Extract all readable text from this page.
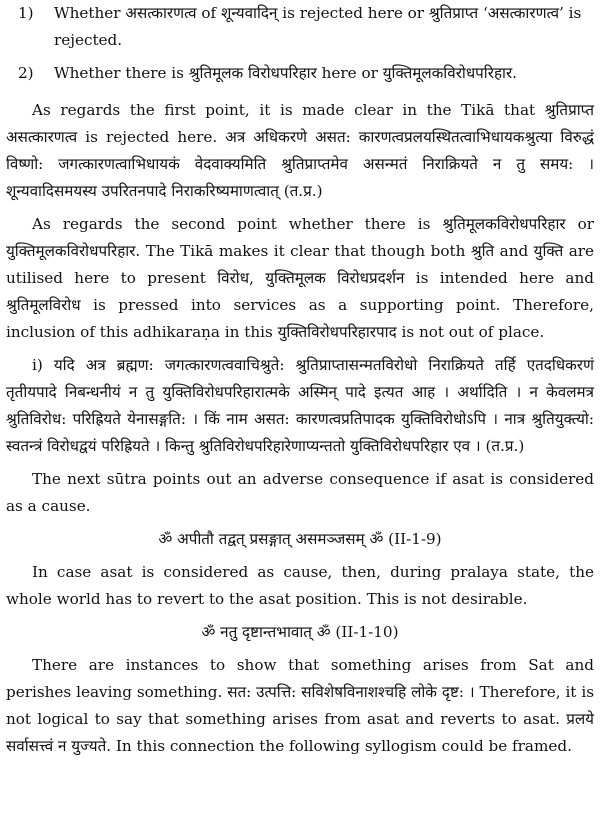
1)	Whether असत्कारणत्व of शून्यवादिन् is rejected here or श्रुतिप्राप्त ‘असत्कारणत्व’ is rejected.
2)	Whether there is श्रुतिमूलक विरोधपरिहार here or युक्तिमूलकविरोधपरिहार.

As regards the first point, it is made clear in the Tikā that श्रुतिप्राप्त असत्कारणत्व is rejected here. अत्र अधिकरणे असत: कारणत्वप्रलयस्थितत्वाभिधायकश्रुत्या विरुद्धं विष्णो: जगत्कारणत्वाभिधायकं वेदवाक्यमिति श्रुतिप्राप्तमेव असन्मतं निराक्रियते न तु समय: । शून्यवादिसमयस्य उपरितनपादे निराकरिष्यमाणत्वात् (त.प्र.)

As regards the second point whether there is श्रुतिमूलकविरोधपरिहार or युक्तिमूलकविरोधपरिहार. The Tikā makes it clear that though both श्रुति and युक्ति are utilised here to present विरोध, युक्तिमूलक विरोधप्रदर्शन is intended here and श्रुतिमूलविरोध is pressed into services as a supporting point. Therefore, inclusion of this adhikaraṇa in this युक्तिविरोधपरिहारपाद is not out of place.

i) यदि अत्र ब्रह्मण: जगत्कारणत्ववाचिश्रुते: श्रुतिप्राप्तासन्मतविरोधो निराक्रियते तर्हि एतदधिकरणं तृतीयपादे निबन्धनीयं न तु युक्तिविरोधपरिहारात्मके अस्मिन् पादे इत्यत आह । अर्थादिति । न केवलमत्र श्रुतिविरोध: परिह्रियते येनासङ्गति: । किं नाम असत: कारणत्वप्रतिपादक युक्तिविरोधोऽपि । नात्र श्रुतियुक्त्यो: स्वतन्त्रं विरोधद्वयं परिह्रियते । किन्तु श्रुतिविरोधपरिहारेणाप्यन्ततो युक्तिविरोधपरिहार एव । (त.प्र.)

The next sūtra points out an adverse consequence if asat is considered as a cause.

ॐ अपीतौ तद्वत् प्रसङ्गात् असमञ्जसम् ॐ (II-1-9)

In case asat is considered as cause, then, during pralaya state, the whole world has to revert to the asat position. This is not desirable.

ॐ नतु दृष्टान्तभावात् ॐ (II-1-10)

There are instances to show that something arises from Sat and perishes leaving something. सत: उत्पत्ति: सविशेषविनाशश्चहि लोके दृष्ट: । Therefore, it is not logical to say that something arises from asat and reverts to asat. प्रलये सर्वासत्त्वं न युज्यते. In this connection the following syllogism could be framed.
